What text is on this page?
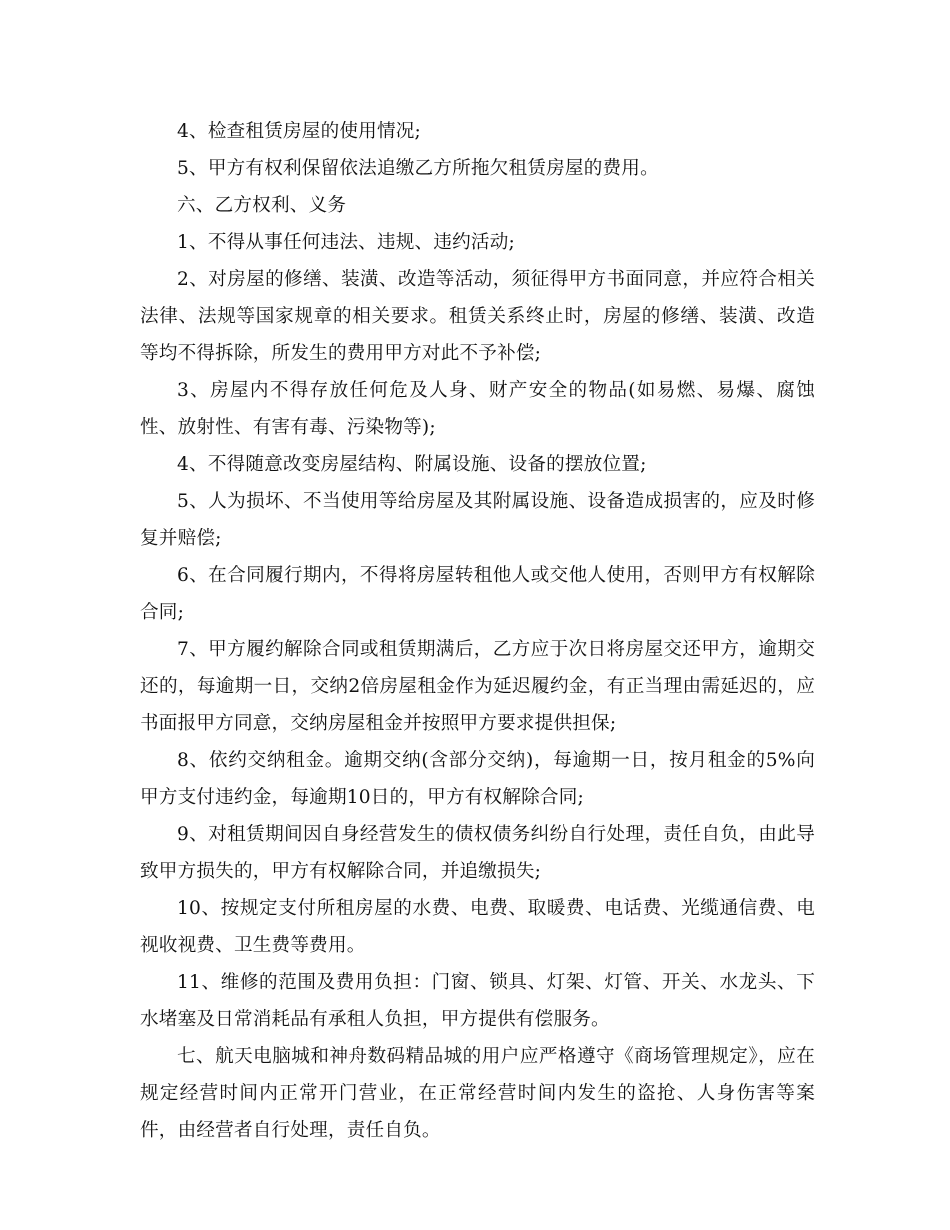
4、检查租赁房屋的使用情况;

5、甲方有权利保留依法追缴乙方所拖欠租赁房屋的费用。

六、乙方权利、义务

1、不得从事任何违法、违规、违约活动;

2、对房屋的修缮、装潢、改造等活动，须征得甲方书面同意，并应符合相关法律、法规等国家规章的相关要求。租赁关系终止时，房屋的修缮、装潢、改造等均不得拆除，所发生的费用甲方对此不予补偿;

3、房屋内不得存放任何危及人身、财产安全的物品(如易燃、易爆、腐蚀性、放射性、有害有毒、污染物等);

4、不得随意改变房屋结构、附属设施、设备的摆放位置;

5、人为损坏、不当使用等给房屋及其附属设施、设备造成损害的，应及时修复并赔偿;

6、在合同履行期内，不得将房屋转租他人或交他人使用，否则甲方有权解除合同;

7、甲方履约解除合同或租赁期满后，乙方应于次日将房屋交还甲方，逾期交还的，每逾期一日，交纳2倍房屋租金作为延迟履约金，有正当理由需延迟的，应书面报甲方同意，交纳房屋租金并按照甲方要求提供担保;

8、依约交纳租金。逾期交纳(含部分交纳)，每逾期一日，按月租金的5%向甲方支付违约金，每逾期10日的，甲方有权解除合同;

9、对租赁期间因自身经营发生的债权债务纠纷自行处理，责任自负，由此导致甲方损失的，甲方有权解除合同，并追缴损失;

10、按规定支付所租房屋的水费、电费、取暖费、电话费、光缆通信费、电视收视费、卫生费等费用。

11、维修的范围及费用负担：门窗、锁具、灯架、灯管、开关、水龙头、下水堵塞及日常消耗品有承租人负担，甲方提供有偿服务。

七、航天电脑城和神舟数码精品城的用户应严格遵守《商场管理规定》，应在规定经营时间内正常开门营业，在正常经营时间内发生的盗抢、人身伤害等案件，由经营者自行处理，责任自负。
